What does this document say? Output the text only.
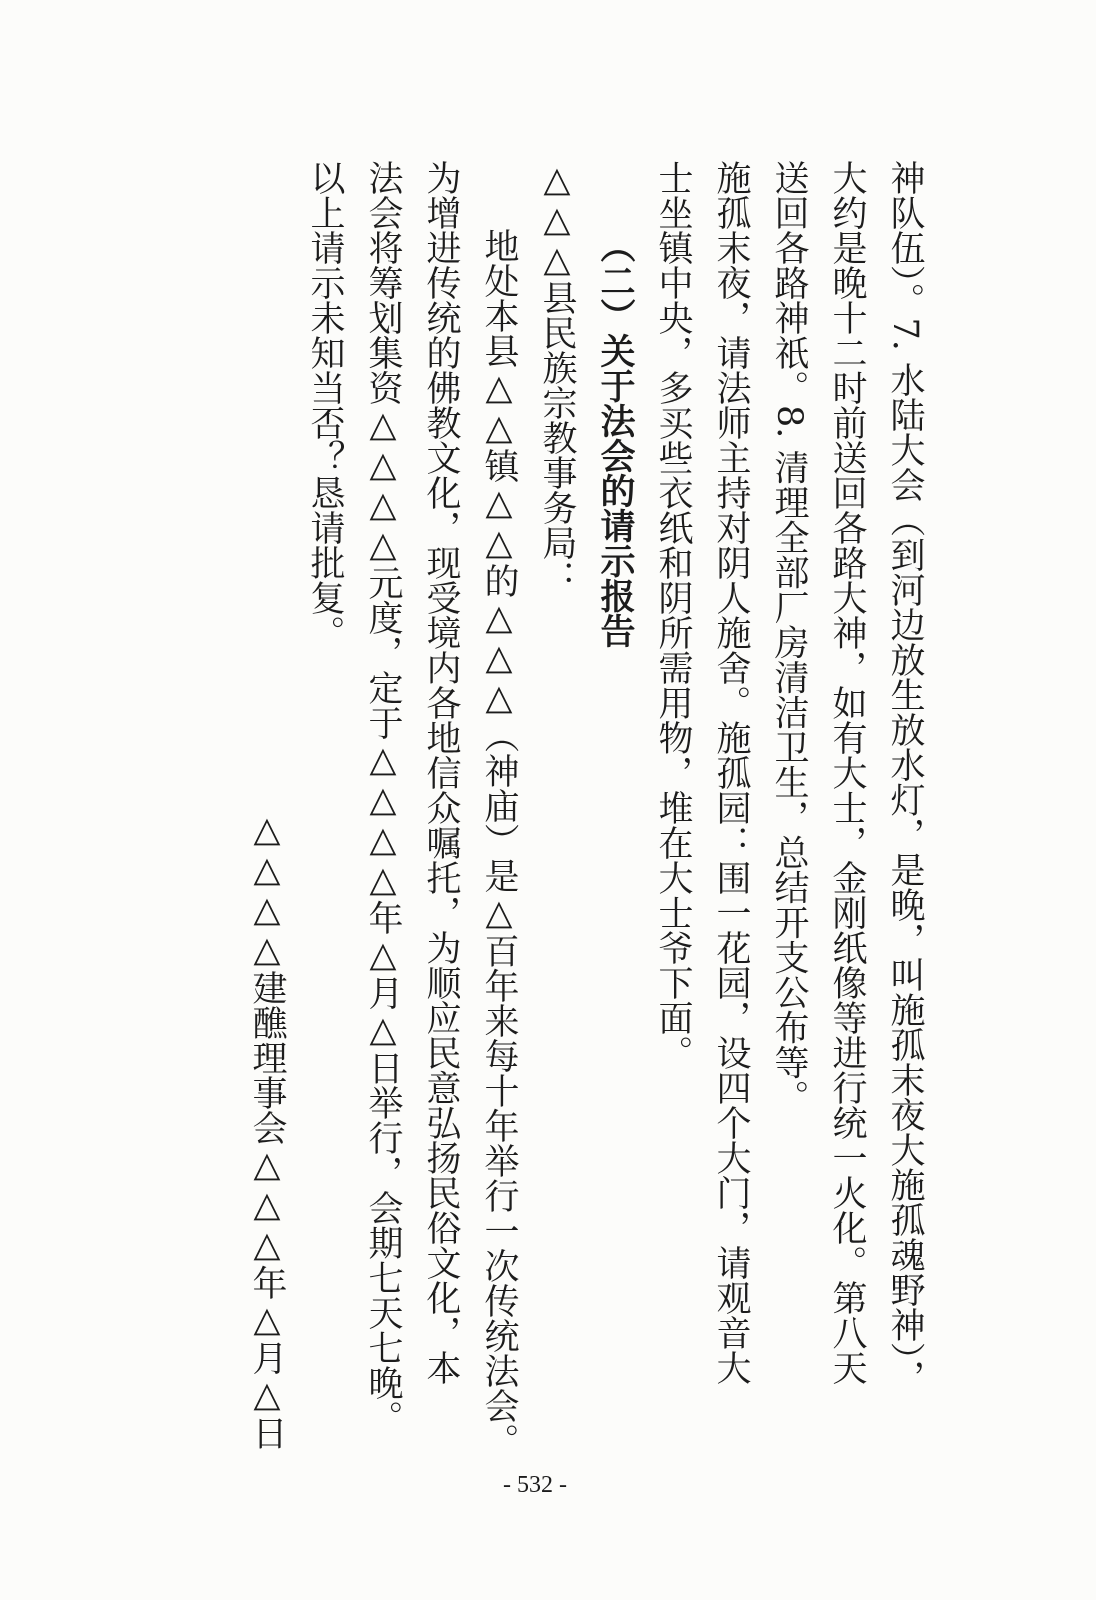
神队伍）。7. 水陆大会（到河边放生放水灯，是晚，叫施孤末夜大施孤魂野神），
大约是晚十二时前送回各路大神，如有大士，金刚纸像等进行统一火化。第八天
送回各路神祇。8. 清理全部厂房清洁卫生，总结开支公布等。
施孤末夜，请法师主持对阴人施舍。施孤园：围一花园，设四个大门，请观音大
士坐镇中央，多买些衣纸和阴所需用物，堆在大士爷下面。
（二）关于法会的请示报告
△△△县民族宗教事务局：
地处本县△△镇△△的△△△（神庙）是△百年来每十年举行一次传统法会。
为增进传统的佛教文化，现受境内各地信众嘱托，为顺应民意弘扬民俗文化，本
法会将筹划集资△△△△元度，定于△△△△年△月△日举行，会期七天七晚。
以上请示未知当否？恳请批复。
△△△△建醮理事会△△△年△月△日
- 532 -
